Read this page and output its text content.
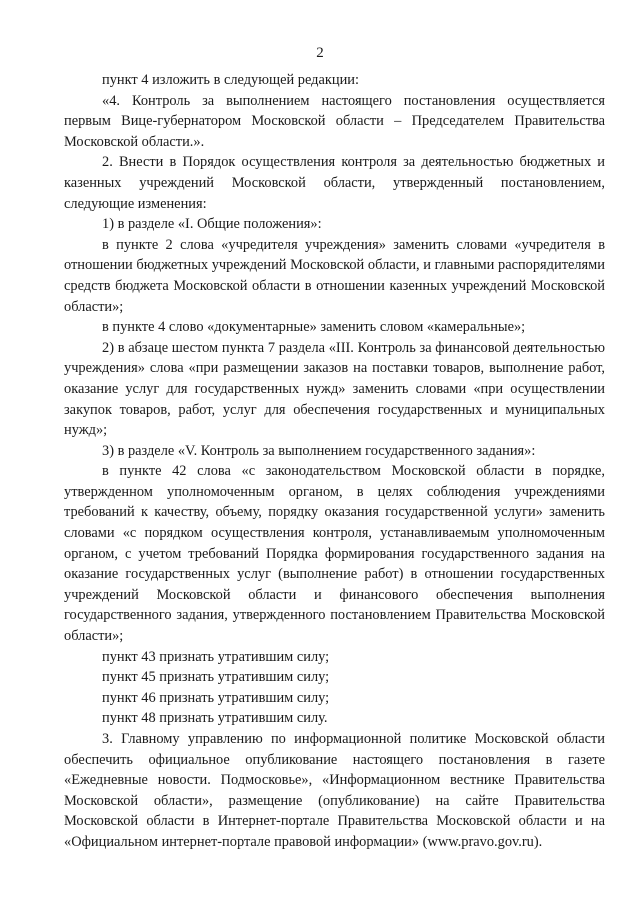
2

пункт 4 изложить в следующей редакции:

«4. Контроль за выполнением настоящего постановления осуществляется первым Вице-губернатором Московской области – Председателем Правительства Московской области.».

2. Внести в Порядок осуществления контроля за деятельностью бюджетных и казенных учреждений Московской области, утвержденный постановлением, следующие изменения:

1) в разделе «I. Общие положения»:

в пункте 2 слова «учредителя учреждения» заменить словами «учредителя в отношении бюджетных учреждений Московской области, и главными распорядителями средств бюджета Московской области в отношении казенных учреждений Московской области»;

в пункте 4 слово «документарные» заменить словом «камеральные»;

2) в абзаце шестом пункта 7 раздела «III. Контроль за финансовой деятельностью учреждения» слова «при размещении заказов на поставки товаров, выполнение работ, оказание услуг для государственных нужд» заменить словами «при осуществлении закупок товаров, работ, услуг для обеспечения государственных и муниципальных нужд»;

3) в разделе «V. Контроль за выполнением государственного задания»:

в пункте 42 слова «с законодательством Московской области в порядке, утвержденном уполномоченным органом, в целях соблюдения учреждениями требований к качеству, объему, порядку оказания государственной услуги» заменить словами «с порядком осуществления контроля, устанавливаемым уполномоченным органом, с учетом требований Порядка формирования государственного задания на оказание государственных услуг (выполнение работ) в отношении государственных учреждений Московской области и финансового обеспечения выполнения государственного задания, утвержденного постановлением Правительства Московской области»;

пункт 43 признать утратившим силу;

пункт 45 признать утратившим силу;

пункт 46 признать утратившим силу;

пункт 48 признать утратившим силу.

3. Главному управлению по информационной политике Московской области обеспечить официальное опубликование настоящего постановления в газете «Ежедневные новости. Подмосковье», «Информационном вестнике Правительства Московской области», размещение (опубликование) на сайте Правительства Московской области в Интернет-портале Правительства Московской области и на «Официальном интернет-портале правовой информации» (www.pravo.gov.ru).
